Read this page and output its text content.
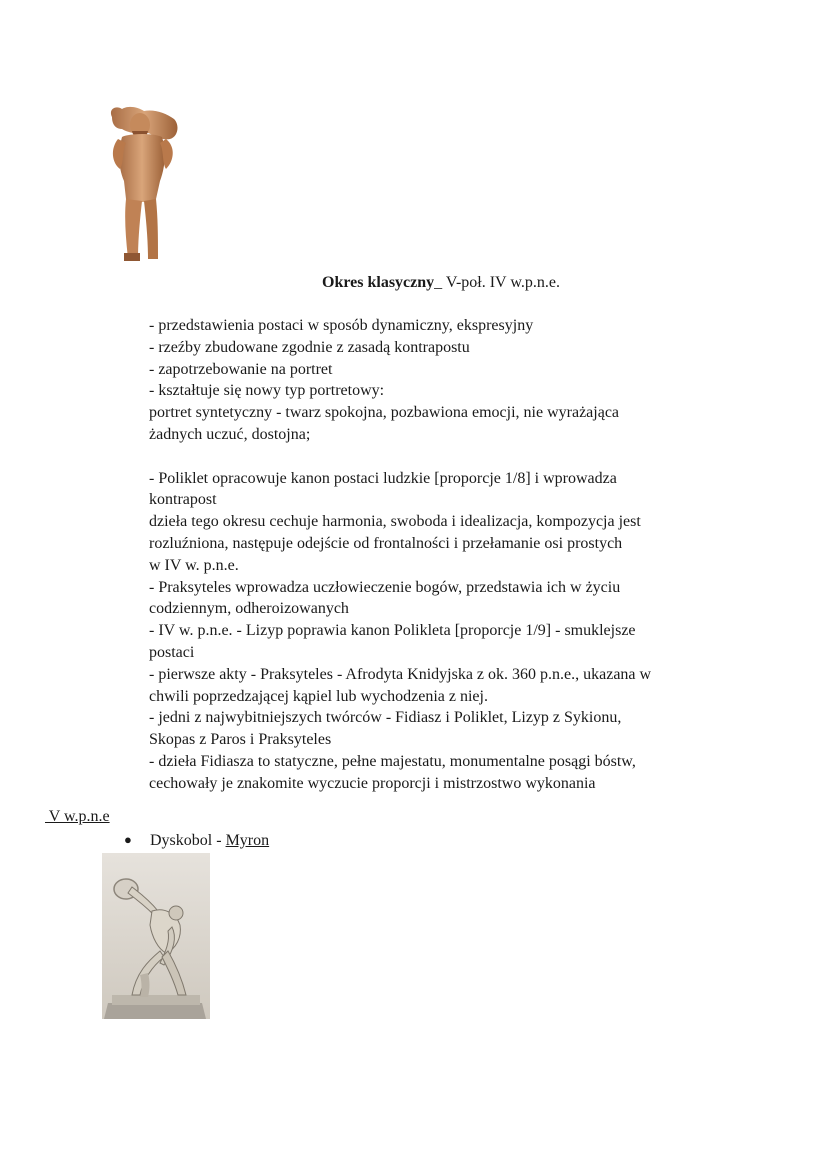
Okres klasyczny_ V-poł. IV w.p.n.e.
- przedstawienia postaci w sposób dynamiczny, ekspresyjny
- rzeźby zbudowane zgodnie z zasadą kontrapostu
- zapotrzebowanie na portret
- kształtuje się nowy typ portretowy:
portret syntetyczny - twarz spokojna, pozbawiona emocji, nie wyrażająca
żadnych uczuć, dostojna;
- Poliklet opracowuje kanon postaci ludzkie [proporcje 1/8] i wprowadza
kontrapost
dzieła tego okresu cechuje harmonia, swoboda i idealizacja, kompozycja jest
rozluźniona, następuje odejście od frontalności i przełamanie osi prostych
w IV w. p.n.e.
- Praksyteles wprowadza uczłowieczenie bogów, przedstawia ich w życiu
codziennym, odheroizowanych
- IV w. p.n.e. - Lizyp poprawia kanon Polikleta [proporcje 1/9] - smuklejsze
postaci
- pierwsze akty - Praksyteles - Afrodyta Knidyjska z ok. 360 p.n.e., ukazana w
chwili poprzedzającej kąpiel lub wychodzenia z niej.
- jedni z najwybitniejszych twórców - Fidiasz i Poliklet, Lizyp z Sykionu,
Skopas z Paros i Praksyteles
- dzieła Fidiasza to statyczne, pełne majestatu, monumentalne posągi bóstw,
cechowały je znakomite wyczucie proporcji i mistrzostwo wykonania
V w.p.n.e
● Dyskobol - Myron
